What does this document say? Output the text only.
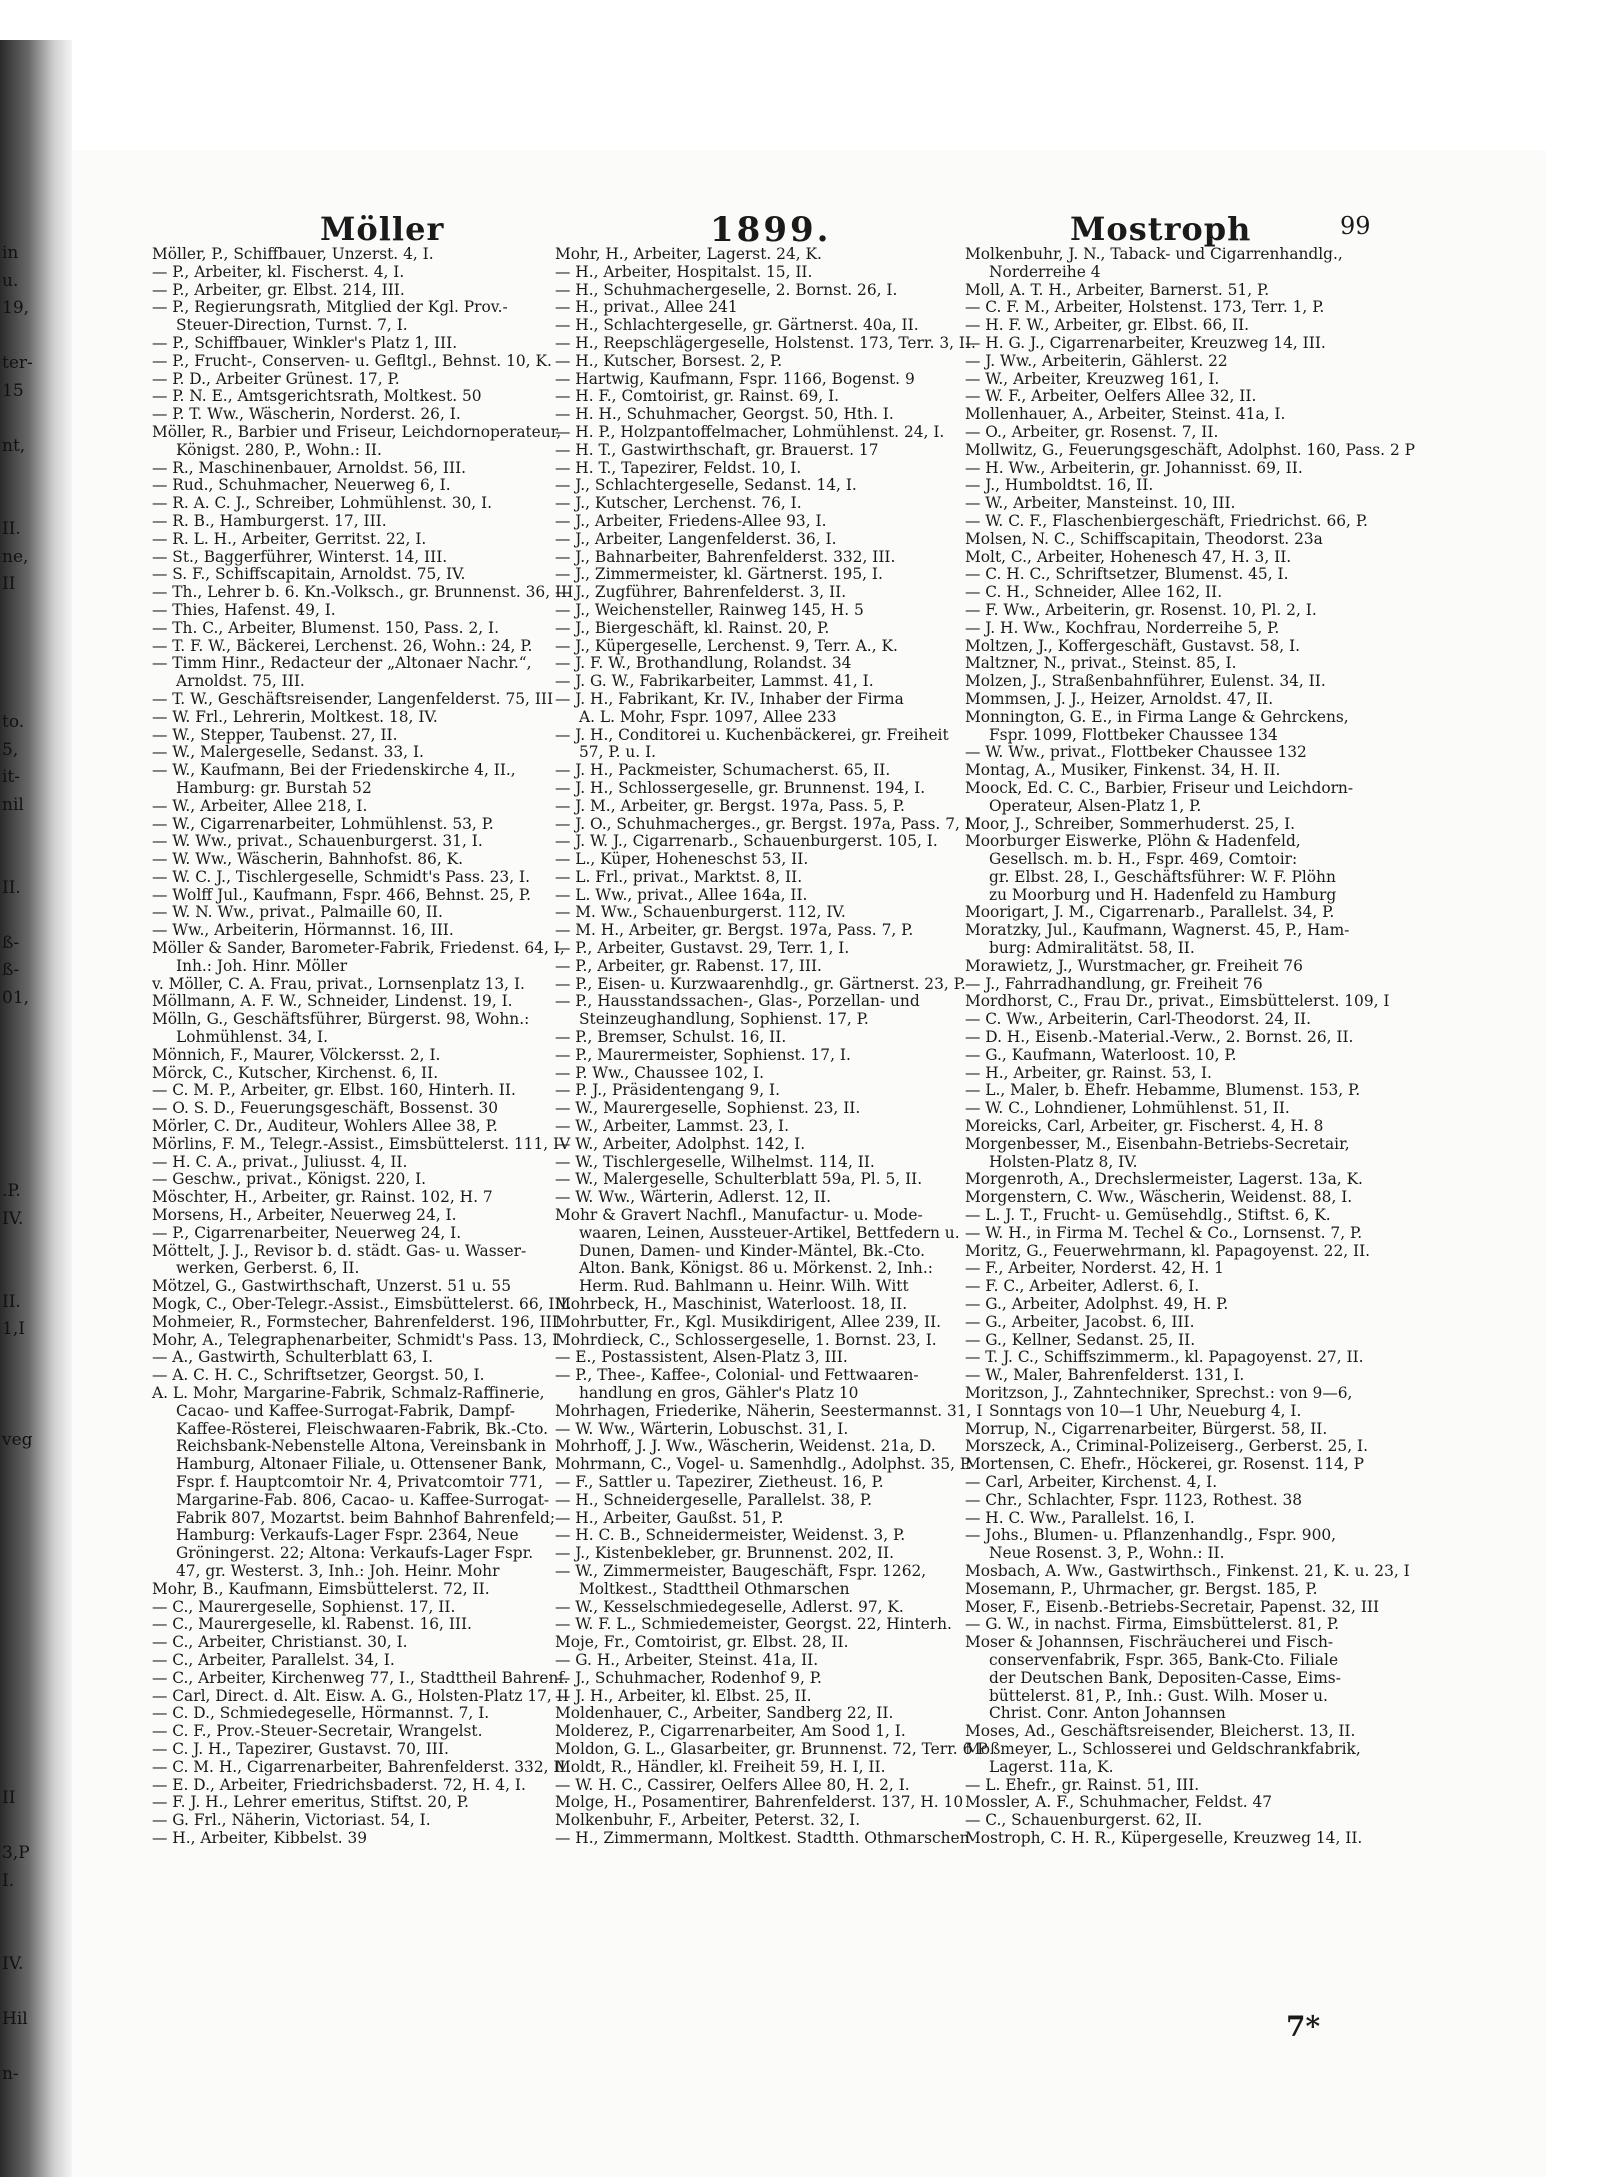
in
u.
19,
ter-
15
nt,
II.
ne,
II
to.
5,
it-
nil
II.
ß-
ß-
01,
.P.
IV.
II.
1,I
veg
II
3,P
I.
IV.
Hil
n-
Möller	1899.	Mostroph	99
Möller, P., Schiffbauer, Unzerst. 4, I.
— P., Arbeiter, kl. Fischerst. 4, I.
— P., Arbeiter, gr. Elbst. 214, III.
— P., Regierungsrath, Mitglied der Kgl. Prov.-
Steuer-Direction, Turnst. 7, I.
— P., Schiffbauer, Winkler's Platz 1, III.
— P., Frucht-, Conserven- u. Gefltgl., Behnst. 10, K.
— P. D., Arbeiter Grünest. 17, P.
— P. N. E., Amtsgerichtsrath, Moltkest. 50
— P. T. Ww., Wäscherin, Norderst. 26, I.
Möller, R., Barbier und Friseur, Leichdornoperateur,
Königst. 280, P., Wohn.: II.
— R., Maschinenbauer, Arnoldst. 56, III.
— Rud., Schuhmacher, Neuerweg 6, I.
— R. A. C. J., Schreiber, Lohmühlenst. 30, I.
— R. B., Hamburgerst. 17, III.
— R. L. H., Arbeiter, Gerritst. 22, I.
— St., Baggerführer, Winterst. 14, III.
— S. F., Schiffscapitain, Arnoldst. 75, IV.
— Th., Lehrer b. 6. Kn.-Volksch., gr. Brunnenst. 36, III
— Thies, Hafenst. 49, I.
— Th. C., Arbeiter, Blumenst. 150, Pass. 2, I.
— T. F. W., Bäckerei, Lerchenst. 26, Wohn.: 24, P.
— Timm Hinr., Redacteur der „Altonaer Nachr.“,
Arnoldst. 75, III.
— T. W., Geschäftsreisender, Langenfelderst. 75, III
— W. Frl., Lehrerin, Moltkest. 18, IV.
— W., Stepper, Taubenst. 27, II.
— W., Malergeselle, Sedanst. 33, I.
— W., Kaufmann, Bei der Friedenskirche 4, II.,
Hamburg: gr. Burstah 52
— W., Arbeiter, Allee 218, I.
— W., Cigarrenarbeiter, Lohmühlenst. 53, P.
— W. Ww., privat., Schauenburgerst. 31, I.
— W. Ww., Wäscherin, Bahnhofst. 86, K.
— W. C. J., Tischlergeselle, Schmidt's Pass. 23, I.
— Wolff Jul., Kaufmann, Fspr. 466, Behnst. 25, P.
— W. N. Ww., privat., Palmaille 60, II.
— Ww., Arbeiterin, Hörmannst. 16, III.
Möller & Sander, Barometer-Fabrik, Friedenst. 64, I,
Inh.: Joh. Hinr. Möller
v. Möller, C. A. Frau, privat., Lornsenplatz 13, I.
Möllmann, A. F. W., Schneider, Lindenst. 19, I.
Mölln, G., Geschäftsführer, Bürgerst. 98, Wohn.:
Lohmühlenst. 34, I.
Mönnich, F., Maurer, Völckersst. 2, I.
Mörck, C., Kutscher, Kirchenst. 6, II.
— C. M. P., Arbeiter, gr. Elbst. 160, Hinterh. II.
— O. S. D., Feuerungsgeschäft, Bossenst. 30
Mörler, C. Dr., Auditeur, Wohlers Allee 38, P.
Mörlins, F. M., Telegr.-Assist., Eimsbüttelerst. 111, IV
— H. C. A., privat., Juliusst. 4, II.
— Geschw., privat., Königst. 220, I.
Möschter, H., Arbeiter, gr. Rainst. 102, H. 7
Morsens, H., Arbeiter, Neuerweg 24, I.
— P., Cigarrenarbeiter, Neuerweg 24, I.
Möttelt, J. J., Revisor b. d. städt. Gas- u. Wasser-
werken, Gerberst. 6, II.
Mötzel, G., Gastwirthschaft, Unzerst. 51 u. 55
Mogk, C., Ober-Telegr.-Assist., Eimsbüttelerst. 66, III.
Mohmeier, R., Formstecher, Bahrenfelderst. 196, III.
Mohr, A., Telegraphenarbeiter, Schmidt's Pass. 13, I
— A., Gastwirth, Schulterblatt 63, I.
— A. C. H. C., Schriftsetzer, Georgst. 50, I.
A. L. Mohr, Margarine-Fabrik, Schmalz-Raffinerie,
Cacao- und Kaffee-Surrogat-Fabrik, Dampf-
Kaffee-Rösterei, Fleischwaaren-Fabrik, Bk.-Cto.
Reichsbank-Nebenstelle Altona, Vereinsbank in
Hamburg, Altonaer Filiale, u. Ottensener Bank,
Fspr. f. Hauptcomtoir Nr. 4, Privatcomtoir 771,
Margarine-Fab. 806, Cacao- u. Kaffee-Surrogat-
Fabrik 807, Mozartst. beim Bahnhof Bahrenfeld;
Hamburg: Verkaufs-Lager Fspr. 2364, Neue
Gröningerst. 22; Altona: Verkaufs-Lager Fspr.
47, gr. Westerst. 3, Inh.: Joh. Heinr. Mohr
Mohr, B., Kaufmann, Eimsbüttelerst. 72, II.
— C., Maurergeselle, Sophienst. 17, II.
— C., Maurergeselle, kl. Rabenst. 16, III.
— C., Arbeiter, Christianst. 30, I.
— C., Arbeiter, Parallelst. 34, I.
— C., Arbeiter, Kirchenweg 77, I., Stadttheil Bahrenf.
— Carl, Direct. d. Alt. Eisw. A. G., Holsten-Platz 17, II
— C. D., Schmiedegeselle, Hörmannst. 7, I.
— C. F., Prov.-Steuer-Secretair, Wrangelst.
— C. J. H., Tapezirer, Gustavst. 70, III.
— C. M. H., Cigarrenarbeiter, Bahrenfelderst. 332, II.
— E. D., Arbeiter, Friedrichsbaderst. 72, H. 4, I.
— F. J. H., Lehrer emeritus, Stiftst. 20, P.
— G. Frl., Näherin, Victoriast. 54, I.
— H., Arbeiter, Kibbelst. 39
Mohr, H., Arbeiter, Lagerst. 24, K.
— H., Arbeiter, Hospitalst. 15, II.
— H., Schuhmachergeselle, 2. Bornst. 26, I.
— H., privat., Allee 241
— H., Schlachtergeselle, gr. Gärtnerst. 40a, II.
— H., Reepschlägergeselle, Holstenst. 173, Terr. 3, II.
— H., Kutscher, Borsest. 2, P.
— Hartwig, Kaufmann, Fspr. 1166, Bogenst. 9
— H. F., Comtoirist, gr. Rainst. 69, I.
— H. H., Schuhmacher, Georgst. 50, Hth. I.
— H. P., Holzpantoffelmacher, Lohmühlenst. 24, I.
— H. T., Gastwirthschaft, gr. Brauerst. 17
— H. T., Tapezirer, Feldst. 10, I.
— J., Schlachtergeselle, Sedanst. 14, I.
— J., Kutscher, Lerchenst. 76, I.
— J., Arbeiter, Friedens-Allee 93, I.
— J., Arbeiter, Langenfelderst. 36, I.
— J., Bahnarbeiter, Bahrenfelderst. 332, III.
— J., Zimmermeister, kl. Gärtnerst. 195, I.
— J., Zugführer, Bahrenfelderst. 3, II.
— J., Weichensteller, Rainweg 145, H. 5
— J., Biergeschäft, kl. Rainst. 20, P.
— J., Küpergeselle, Lerchenst. 9, Terr. A., K.
— J. F. W., Brothandlung, Rolandst. 34
— J. G. W., Fabrikarbeiter, Lammst. 41, I.
— J. H., Fabrikant, Kr. IV., Inhaber der Firma
A. L. Mohr, Fspr. 1097, Allee 233
— J. H., Conditorei u. Kuchenbäckerei, gr. Freiheit
57, P. u. I.
— J. H., Packmeister, Schumacherst. 65, II.
— J. H., Schlossergeselle, gr. Brunnenst. 194, I.
— J. M., Arbeiter, gr. Bergst. 197a, Pass. 5, P.
— J. O., Schuhmacherges., gr. Bergst. 197a, Pass. 7, I.
— J. W. J., Cigarrenarb., Schauenburgerst. 105, I.
— L., Küper, Hoheneschst 53, II.
— L. Frl., privat., Marktst. 8, II.
— L. Ww., privat., Allee 164a, II.
— M. Ww., Schauenburgerst. 112, IV.
— M. H., Arbeiter, gr. Bergst. 197a, Pass. 7, P.
— P., Arbeiter, Gustavst. 29, Terr. 1, I.
— P., Arbeiter, gr. Rabenst. 17, III.
— P., Eisen- u. Kurzwaarenhdlg., gr. Gärtnerst. 23, P.
— P., Hausstandssachen-, Glas-, Porzellan- und
Steinzeughandlung, Sophienst. 17, P.
— P., Bremser, Schulst. 16, II.
— P., Maurermeister, Sophienst. 17, I.
— P. Ww., Chaussee 102, I.
— P. J., Präsidentengang 9, I.
— W., Maurergeselle, Sophienst. 23, II.
— W., Arbeiter, Lammst. 23, I.
— W., Arbeiter, Adolphst. 142, I.
— W., Tischlergeselle, Wilhelmst. 114, II.
— W., Malergeselle, Schulterblatt 59a, Pl. 5, II.
— W. Ww., Wärterin, Adlerst. 12, II.
Mohr & Gravert Nachfl., Manufactur- u. Mode-
waaren, Leinen, Aussteuer-Artikel, Bettfedern u.
Dunen, Damen- und Kinder-Mäntel, Bk.-Cto.
Alton. Bank, Königst. 86 u. Mörkenst. 2, Inh.:
Herm. Rud. Bahlmann u. Heinr. Wilh. Witt
Mohrbeck, H., Maschinist, Waterloost. 18, II.
Mohrbutter, Fr., Kgl. Musikdirigent, Allee 239, II.
Mohrdieck, C., Schlossergeselle, 1. Bornst. 23, I.
— E., Postassistent, Alsen-Platz 3, III.
— P., Thee-, Kaffee-, Colonial- und Fettwaaren-
handlung en gros, Gähler's Platz 10
Mohrhagen, Friederike, Näherin, Seestermannst. 31, I
— W. Ww., Wärterin, Lobuschst. 31, I.
Mohrhoff, J. J. Ww., Wäscherin, Weidenst. 21a, D.
Mohrmann, C., Vogel- u. Samenhdlg., Adolphst. 35, P.
— F., Sattler u. Tapezirer, Zietheust. 16, P.
— H., Schneidergeselle, Parallelst. 38, P.
— H., Arbeiter, Gaußst. 51, P.
— H. C. B., Schneidermeister, Weidenst. 3, P.
— J., Kistenbekleber, gr. Brunnenst. 202, II.
— W., Zimmermeister, Baugeschäft, Fspr. 1262,
Moltkest., Stadttheil Othmarschen
— W., Kesselschmiedegeselle, Adlerst. 97, K.
— W. F. L., Schmiedemeister, Georgst. 22, Hinterh.
Moje, Fr., Comtoirist, gr. Elbst. 28, II.
— G. H., Arbeiter, Steinst. 41a, II.
— J., Schuhmacher, Rodenhof 9, P.
— J. H., Arbeiter, kl. Elbst. 25, II.
Moldenhauer, C., Arbeiter, Sandberg 22, II.
Molderez, P., Cigarrenarbeiter, Am Sood 1, I.
Moldon, G. L., Glasarbeiter, gr. Brunnenst. 72, Terr. 6 P
Moldt, R., Händler, kl. Freiheit 59, H. I, II.
— W. H. C., Cassirer, Oelfers Allee 80, H. 2, I.
Molge, H., Posamentirer, Bahrenfelderst. 137, H. 10
Molkenbuhr, F., Arbeiter, Peterst. 32, I.
— H., Zimmermann, Moltkest. Stadtth. Othmarschen
Molkenbuhr, J. N., Taback- und Cigarrenhandlg.,
Norderreihe 4
Moll, A. T. H., Arbeiter, Barnerst. 51, P.
— C. F. M., Arbeiter, Holstenst. 173, Terr. 1, P.
— H. F. W., Arbeiter, gr. Elbst. 66, II.
— H. G. J., Cigarrenarbeiter, Kreuzweg 14, III.
— J. Ww., Arbeiterin, Gählerst. 22
— W., Arbeiter, Kreuzweg 161, I.
— W. F., Arbeiter, Oelfers Allee 32, II.
Mollenhauer, A., Arbeiter, Steinst. 41a, I.
— O., Arbeiter, gr. Rosenst. 7, II.
Mollwitz, G., Feuerungsgeschäft, Adolphst. 160, Pass. 2 P
— H. Ww., Arbeiterin, gr. Johannisst. 69, II.
— J., Humboldtst. 16, II.
— W., Arbeiter, Mansteinst. 10, III.
— W. C. F., Flaschenbiergeschäft, Friedrichst. 66, P.
Molsen, N. C., Schiffscapitain, Theodorst. 23a
Molt, C., Arbeiter, Hohenesch 47, H. 3, II.
— C. H. C., Schriftsetzer, Blumenst. 45, I.
— C. H., Schneider, Allee 162, II.
— F. Ww., Arbeiterin, gr. Rosenst. 10, Pl. 2, I.
— J. H. Ww., Kochfrau, Norderreihe 5, P.
Moltzen, J., Koffergeschäft, Gustavst. 58, I.
Maltzner, N., privat., Steinst. 85, I.
Molzen, J., Straßenbahnführer, Eulenst. 34, II.
Mommsen, J. J., Heizer, Arnoldst. 47, II.
Monnington, G. E., in Firma Lange & Gehrckens,
Fspr. 1099, Flottbeker Chaussee 134
— W. Ww., privat., Flottbeker Chaussee 132
Montag, A., Musiker, Finkenst. 34, H. II.
Moock, Ed. C. C., Barbier, Friseur und Leichdorn-
Operateur, Alsen-Platz 1, P.
Moor, J., Schreiber, Sommerhuderst. 25, I.
Moorburger Eiswerke, Plöhn & Hadenfeld,
Gesellsch. m. b. H., Fspr. 469, Comtoir:
gr. Elbst. 28, I., Geschäftsführer: W. F. Plöhn
zu Moorburg und H. Hadenfeld zu Hamburg
Moorigart, J. M., Cigarrenarb., Parallelst. 34, P.
Moratzky, Jul., Kaufmann, Wagnerst. 45, P., Ham-
burg: Admiralitätst. 58, II.
Morawietz, J., Wurstmacher, gr. Freiheit 76
— J., Fahrradhandlung, gr. Freiheit 76
Mordhorst, C., Frau Dr., privat., Eimsbüttelerst. 109, I
— C. Ww., Arbeiterin, Carl-Theodorst. 24, II.
— D. H., Eisenb.-Material.-Verw., 2. Bornst. 26, II.
— G., Kaufmann, Waterloost. 10, P.
— H., Arbeiter, gr. Rainst. 53, I.
— L., Maler, b. Ehefr. Hebamme, Blumenst. 153, P.
— W. C., Lohndiener, Lohmühlenst. 51, II.
Moreicks, Carl, Arbeiter, gr. Fischerst. 4, H. 8
Morgenbesser, M., Eisenbahn-Betriebs-Secretair,
Holsten-Platz 8, IV.
Morgenroth, A., Drechslermeister, Lagerst. 13a, K.
Morgenstern, C. Ww., Wäscherin, Weidenst. 88, I.
— L. J. T., Frucht- u. Gemüsehdlg., Stiftst. 6, K.
— W. H., in Firma M. Techel & Co., Lornsenst. 7, P.
Moritz, G., Feuerwehrmann, kl. Papagoyenst. 22, II.
— F., Arbeiter, Norderst. 42, H. 1
— F. C., Arbeiter, Adlerst. 6, I.
— G., Arbeiter, Adolphst. 49, H. P.
— G., Arbeiter, Jacobst. 6, III.
— G., Kellner, Sedanst. 25, II.
— T. J. C., Schiffszimmerm., kl. Papagoyenst. 27, II.
— W., Maler, Bahrenfelderst. 131, I.
Moritzson, J., Zahntechniker, Sprechst.: von 9—6,
Sonntags von 10—1 Uhr, Neueburg 4, I.
Morrup, N., Cigarrenarbeiter, Bürgerst. 58, II.
Morszeck, A., Criminal-Polizeiserg., Gerberst. 25, I.
Mortensen, C. Ehefr., Höckerei, gr. Rosenst. 114, P
— Carl, Arbeiter, Kirchenst. 4, I.
— Chr., Schlachter, Fspr. 1123, Rothest. 38
— H. C. Ww., Parallelst. 16, I.
— Johs., Blumen- u. Pflanzenhandlg., Fspr. 900,
Neue Rosenst. 3, P., Wohn.: II.
Mosbach, A. Ww., Gastwirthsch., Finkenst. 21, K. u. 23, I
Mosemann, P., Uhrmacher, gr. Bergst. 185, P.
Moser, F., Eisenb.-Betriebs-Secretair, Papenst. 32, III
— G. W., in nachst. Firma, Eimsbüttelerst. 81, P.
Moser & Johannsen, Fischräucherei und Fisch-
conservenfabrik, Fspr. 365, Bank-Cto. Filiale
der Deutschen Bank, Depositen-Casse, Eims-
büttelerst. 81, P., Inh.: Gust. Wilh. Moser u.
Christ. Conr. Anton Johannsen
Moses, Ad., Geschäftsreisender, Bleicherst. 13, II.
Moßmeyer, L., Schlosserei und Geldschrankfabrik,
Lagerst. 11a, K.
— L. Ehefr., gr. Rainst. 51, III.
Mossler, A. F., Schuhmacher, Feldst. 47
— C., Schauenburgerst. 62, II.
Mostroph, C. H. R., Küpergeselle, Kreuzweg 14, II.
7*
